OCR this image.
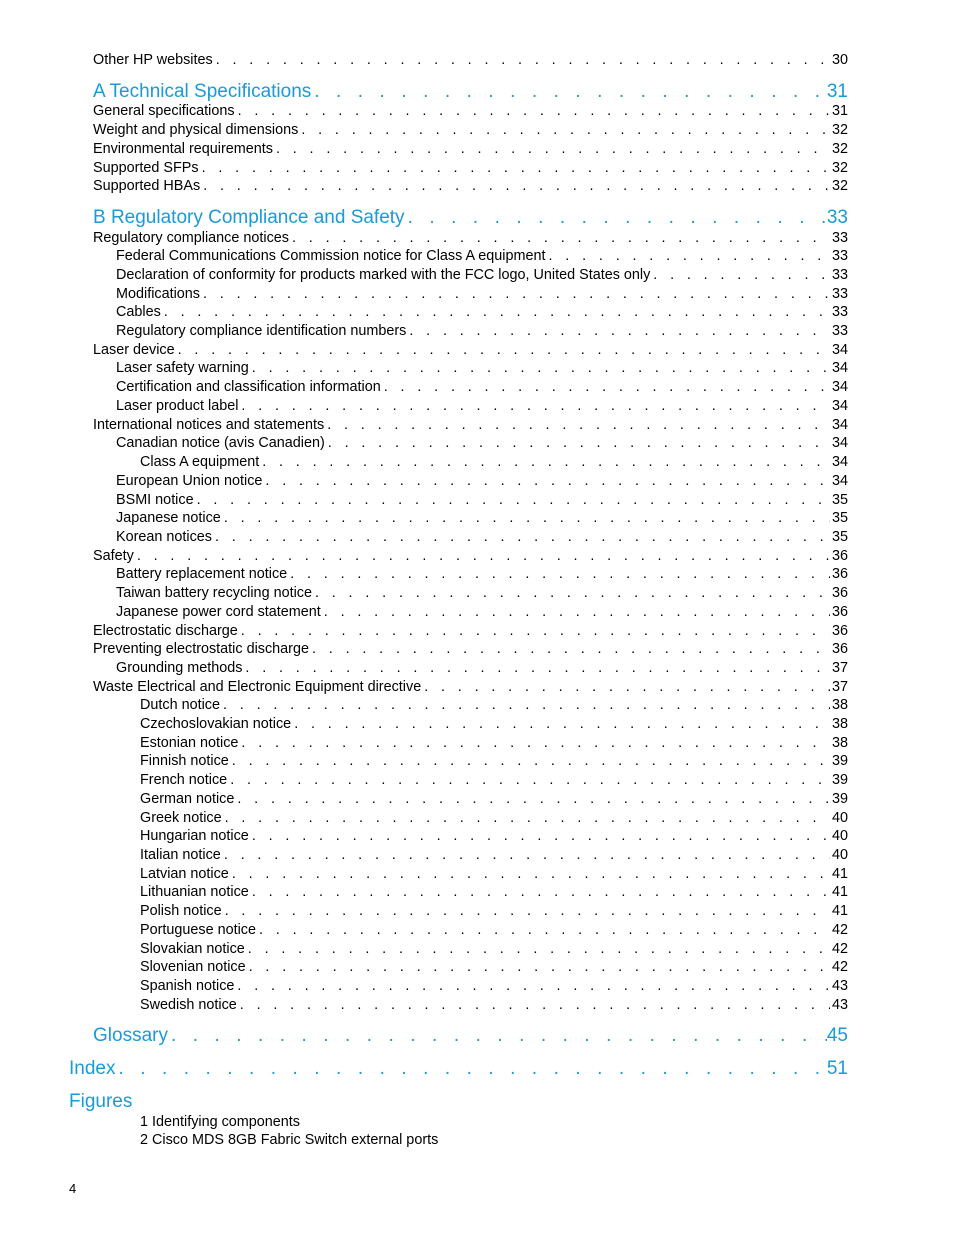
Other HP websites . . .	30
A Technical Specifications . . .	31
General specifications . . .	31
Weight and physical dimensions . . .	32
Environmental requirements . . .	32
Supported SFPs . . .	32
Supported HBAs . . .	32
B Regulatory Compliance and Safety . . .	33
Regulatory compliance notices . . .	33
Federal Communications Commission notice for Class A equipment . . .	33
Declaration of conformity for products marked with the FCC logo, United States only . . .	33
Modifications . . .	33
Cables . . .	33
Regulatory compliance identification numbers . . .	33
Laser device . . .	34
Laser safety warning . . .	34
Certification and classification information . . .	34
Laser product label . . .	34
International notices and statements . . .	34
Canadian notice (avis Canadien) . . .	34
Class A equipment . . .	34
European Union notice . . .	34
BSMI notice . . .	35
Japanese notice . . .	35
Korean notices . . .	35
Safety . . .	36
Battery replacement notice . . .	36
Taiwan battery recycling notice . . .	36
Japanese power cord statement . . .	36
Electrostatic discharge . . .	36
Preventing electrostatic discharge . . .	36
Grounding methods . . .	37
Waste Electrical and Electronic Equipment directive . . .	37
Dutch notice . . .	38
Czechoslovakian notice . . .	38
Estonian notice . . .	38
Finnish notice . . .	39
French notice . . .	39
German notice . . .	39
Greek notice . . .	40
Hungarian notice . . .	40
Italian notice . . .	40
Latvian notice . . .	41
Lithuanian notice . . .	41
Polish notice . . .	41
Portuguese notice . . .	42
Slovakian notice . . .	42
Slovenian notice . . .	42
Spanish notice . . .	43
Swedish notice . . .	43
Glossary . . .	45
Index . . .	51
Figures
1 Identifying components
2 Cisco MDS 8GB Fabric Switch external ports
4
